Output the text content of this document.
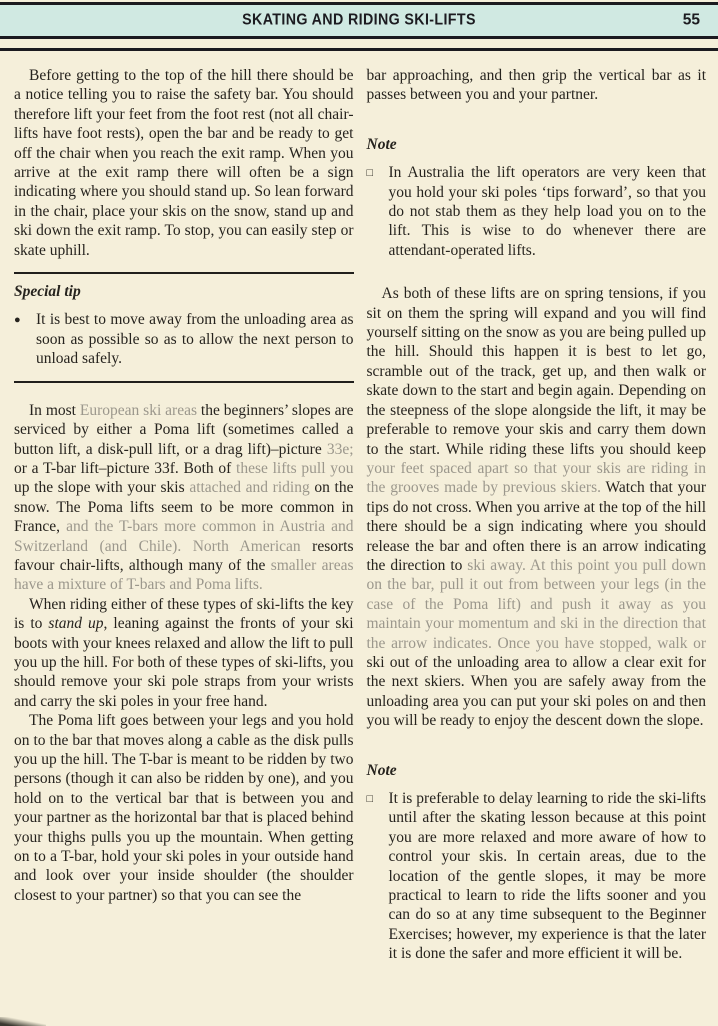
SKATING AND RIDING SKI-LIFTS	55

Before getting to the top of the hill there should be a notice telling you to raise the safety bar. You should therefore lift your feet from the foot rest (not all chair-lifts have foot rests), open the bar and be ready to get off the chair when you reach the exit ramp. When you arrive at the exit ramp there will often be a sign indicating where you should stand up. So lean forward in the chair, place your skis on the snow, stand up and ski down the exit ramp. To stop, you can easily step or skate uphill.

Special tip
● It is best to move away from the unloading area as soon as possible so as to allow the next person to unload safely.

In most European ski areas the beginners’ slopes are serviced by either a Poma lift (sometimes called a button lift, a disk-pull lift, or a drag lift)–picture 33e; or a T-bar lift–picture 33f. Both of these lifts pull you up the slope with your skis attached and riding on the snow. The Poma lifts seem to be more common in France, and the T-bars more common in Austria and Switzerland (and Chile). North American resorts favour chair-lifts, although many of the smaller areas have a mixture of T-bars and Poma lifts.

When riding either of these types of ski-lifts the key is to stand up, leaning against the fronts of your ski boots with your knees relaxed and allow the lift to pull you up the hill. For both of these types of ski-lifts, you should remove your ski pole straps from your wrists and carry the ski poles in your free hand.

The Poma lift goes between your legs and you hold on to the bar that moves along a cable as the disk pulls you up the hill. The T-bar is meant to be ridden by two persons (though it can also be ridden by one), and you hold on to the vertical bar that is between you and your partner as the horizontal bar that is placed behind your thighs pulls you up the mountain. When getting on to a T-bar, hold your ski poles in your outside hand and look over your inside shoulder (the shoulder closest to your partner) so that you can see the

bar approaching, and then grip the vertical bar as it passes between you and your partner.

Note
□ In Australia the lift operators are very keen that you hold your ski poles ‘tips forward’, so that you do not stab them as they help load you on to the lift. This is wise to do whenever there are attendant-operated lifts.

As both of these lifts are on spring tensions, if you sit on them the spring will expand and you will find yourself sitting on the snow as you are being pulled up the hill. Should this happen it is best to let go, scramble out of the track, get up, and then walk or skate down to the start and begin again. Depending on the steepness of the slope alongside the lift, it may be preferable to remove your skis and carry them down to the start. While riding these lifts you should keep your feet spaced apart so that your skis are riding in the grooves made by previous skiers. Watch that your tips do not cross. When you arrive at the top of the hill there should be a sign indicating where you should release the bar and often there is an arrow indicating the direction to ski away. At this point you pull down on the bar, pull it out from between your legs (in the case of the Poma lift) and push it away as you maintain your momentum and ski in the direction that the arrow indicates. Once you have stopped, walk or ski out of the unloading area to allow a clear exit for the next skiers. When you are safely away from the unloading area you can put your ski poles on and then you will be ready to enjoy the descent down the slope.

Note
□ It is preferable to delay learning to ride the ski-lifts until after the skating lesson because at this point you are more relaxed and more aware of how to control your skis. In certain areas, due to the location of the gentle slopes, it may be more practical to learn to ride the lifts sooner and you can do so at any time subsequent to the Beginner Exercises; however, my experience is that the later it is done the safer and more efficient it will be.
